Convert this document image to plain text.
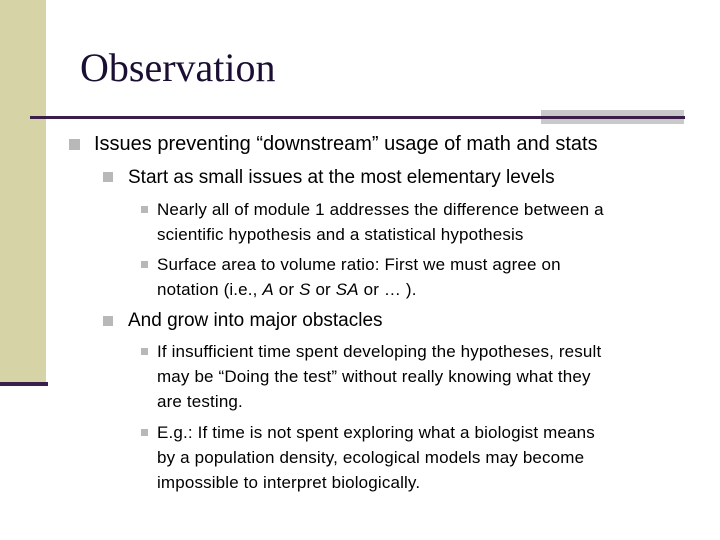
Observation
Issues preventing “downstream” usage of math and stats
Start as small issues at the most elementary levels
Nearly all of module 1 addresses the difference between a
scientific hypothesis and a statistical hypothesis
Surface area to volume ratio: First we must agree on
notation (i.e., A or S or SA or … ).
And grow into major obstacles
If insufficient time spent developing the hypotheses, result
may be “Doing the test” without really knowing what they
are testing.
E.g.: If time is not spent exploring what a biologist means
by a population density, ecological models may become
impossible to interpret biologically.
